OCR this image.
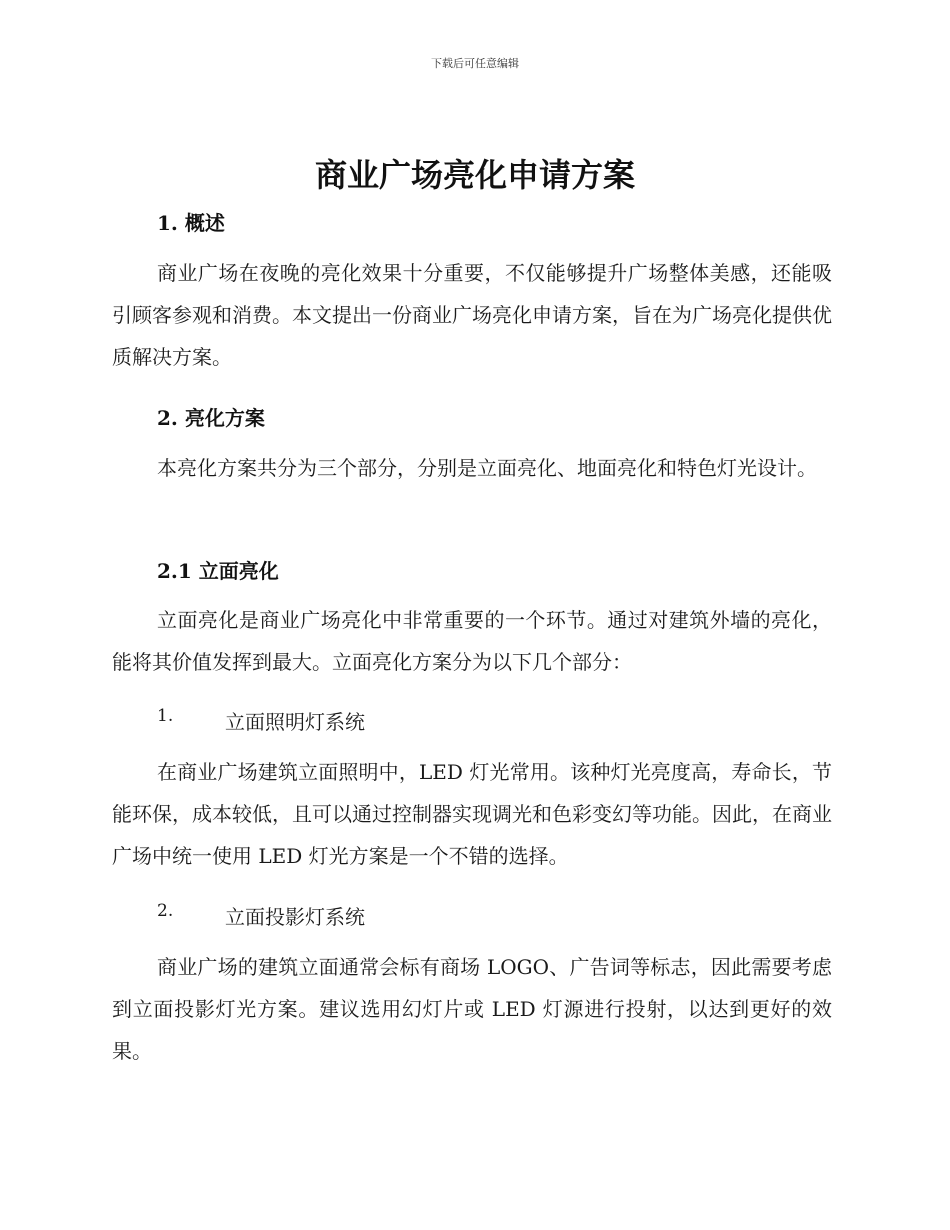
下载后可任意编辑
商业广场亮化申请方案
1. 概述

商业广场在夜晚的亮化效果十分重要，不仅能够提升广场整体美感，还能吸引顾客参观和消费。本文提出一份商业广场亮化申请方案，旨在为广场亮化提供优质解决方案。

2. 亮化方案

本亮化方案共分为三个部分，分别是立面亮化、地面亮化和特色灯光设计。

2.1 立面亮化

立面亮化是商业广场亮化中非常重要的一个环节。通过对建筑外墙的亮化，能将其价值发挥到最大。立面亮化方案分为以下几个部分：

1.	立面照明灯系统

在商业广场建筑立面照明中，LED 灯光常用。该种灯光亮度高，寿命长，节能环保，成本较低，且可以通过控制器实现调光和色彩变幻等功能。因此，在商业广场中统一使用 LED 灯光方案是一个不错的选择。

2.	立面投影灯系统

商业广场的建筑立面通常会标有商场 LOGO、广告词等标志，因此需要考虑到立面投影灯光方案。建议选用幻灯片或 LED 灯源进行投射，以达到更好的效果。
